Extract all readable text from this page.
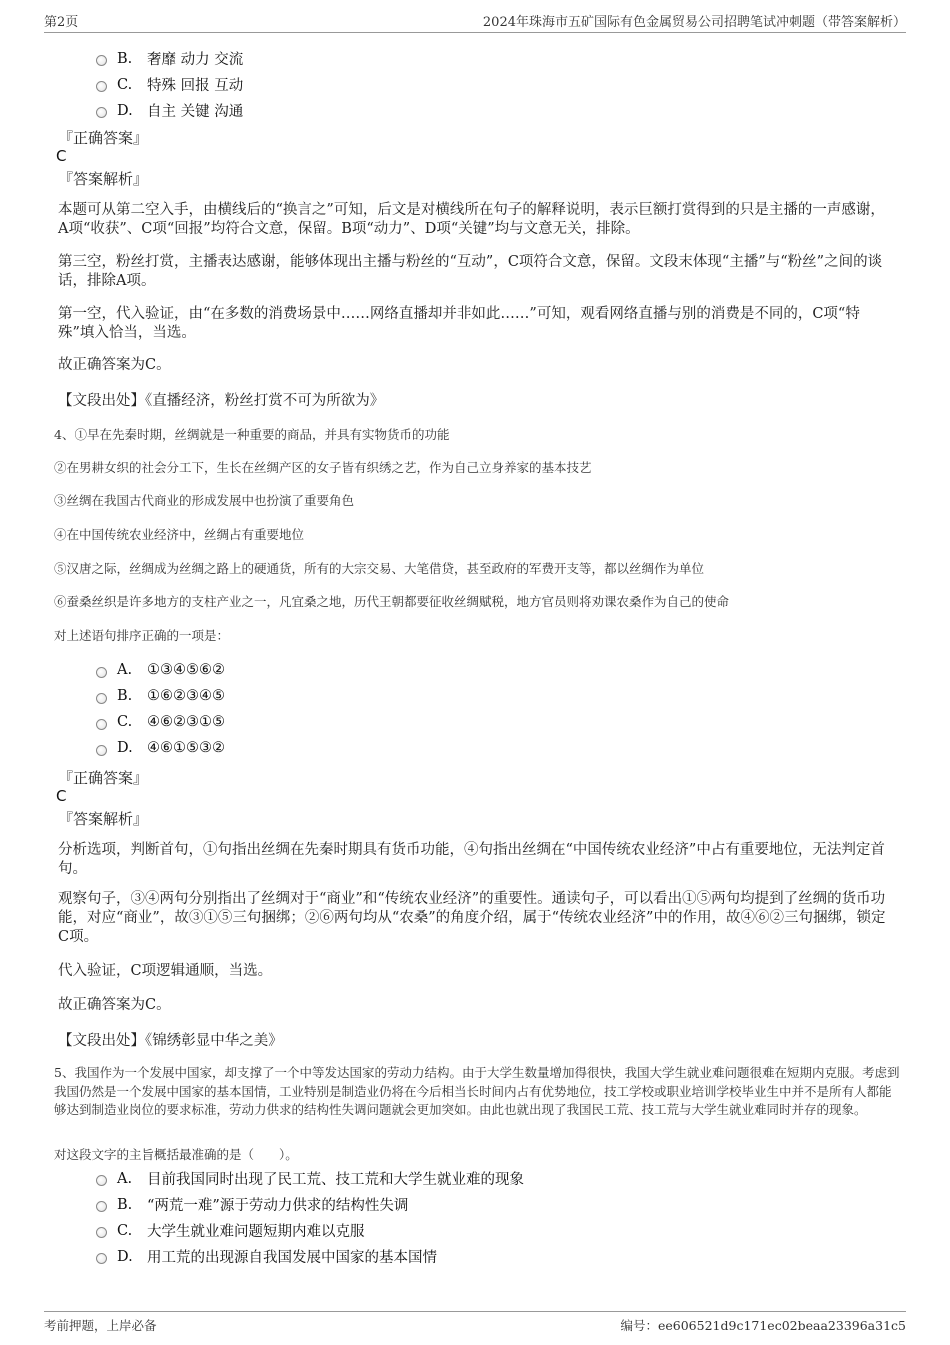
第2页	2024年珠海市五矿国际有色金属贸易公司招聘笔试冲刺题（带答案解析）
B.	奢靡 动力 交流
C.	特殊 回报 互动
D. 自主 关键 沟通
『正确答案』
C
『答案解析』
本题可从第二空入手，由横线后的“换言之”可知，后文是对横线所在句子的解释说明，表示巨额打赏得到的只是主播的一声感谢，A项“收获”、C项“回报”均符合文意，保留。B项“动力”、D项“关键”均与文意无关，排除。
第三空，粉丝打赏，主播表达感谢，能够体现出主播与粉丝的“互动”，C项符合文意，保留。文段末体现“主播”与“粉丝”之间的谈话，排除A项。
第一空，代入验证，由“在多数的消费场景中……网络直播却并非如此……”可知，观看网络直播与别的消费是不同的，C项“特殊”填入恰当，当选。
故正确答案为C。
【文段出处】《直播经济，粉丝打赏不可为所欲为》
4、①早在先秦时期，丝绸就是一种重要的商品，并具有实物货币的功能
②在男耕女织的社会分工下，生长在丝绸产区的女子皆有织绣之艺，作为自己立身养家的基本技艺
③丝绸在我国古代商业的形成发展中也扮演了重要角色
④在中国传统农业经济中，丝绸占有重要地位
⑤汉唐之际，丝绸成为丝绸之路上的硬通货，所有的大宗交易、大笔借贷，甚至政府的军费开支等，都以丝绸作为单位
⑥蚕桑丝织是许多地方的支柱产业之一，凡宜桑之地，历代王朝都要征收丝绸赋税，地方官员则将劝课农桑作为自己的使命
对上述语句排序正确的一项是：
A.	①③④⑤⑥②
B.	①⑥②③④⑤
C.	④⑥②③①⑤
D. ④⑥①⑤③②
『正确答案』
C
『答案解析』
分析选项，判断首句，①句指出丝绸在先秦时期具有货币功能，④句指出丝绸在“中国传统农业经济”中占有重要地位，无法判定首句。
观察句子，③④两句分别指出了丝绸对于“商业”和“传统农业经济”的重要性。通读句子，可以看出①⑤两句均提到了丝绸的货币功能，对应“商业”，故③①⑤三句捆绑；②⑥两句均从“农桑”的角度介绍，属于“传统农业经济”中的作用，故④⑥②三句捆绑，锁定C项。
代入验证，C项逻辑通顺，当选。
故正确答案为C。
【文段出处】《锦绣彰显中华之美》
5、我国作为一个发展中国家，却支撑了一个中等发达国家的劳动力结构。由于大学生数量增加得很快，我国大学生就业难问题很难在短期内克服。考虑到我国仍然是一个发展中国家的基本国情，工业特别是制造业仍将在今后相当长时间内占有优势地位，技工学校或职业培训学校毕业生中并不是所有人都能够达到制造业岗位的要求标准，劳动力供求的结构性失调问题就会更加突如。由此也就出现了我国民工荒、技工荒与大学生就业难同时并存的现象。
对这段文字的主旨概括最准确的是（　　）。
A.	目前我国同时出现了民工荒、技工荒和大学生就业难的现象
B.	“两荒一难”源于劳动力供求的结构性失调
C.	大学生就业难问题短期内难以克服
D. 用工荒的出现源自我国发展中国家的基本国情
考前押题，上岸必备	编号：ee606521d9c171ec02beaa23396a31c5
